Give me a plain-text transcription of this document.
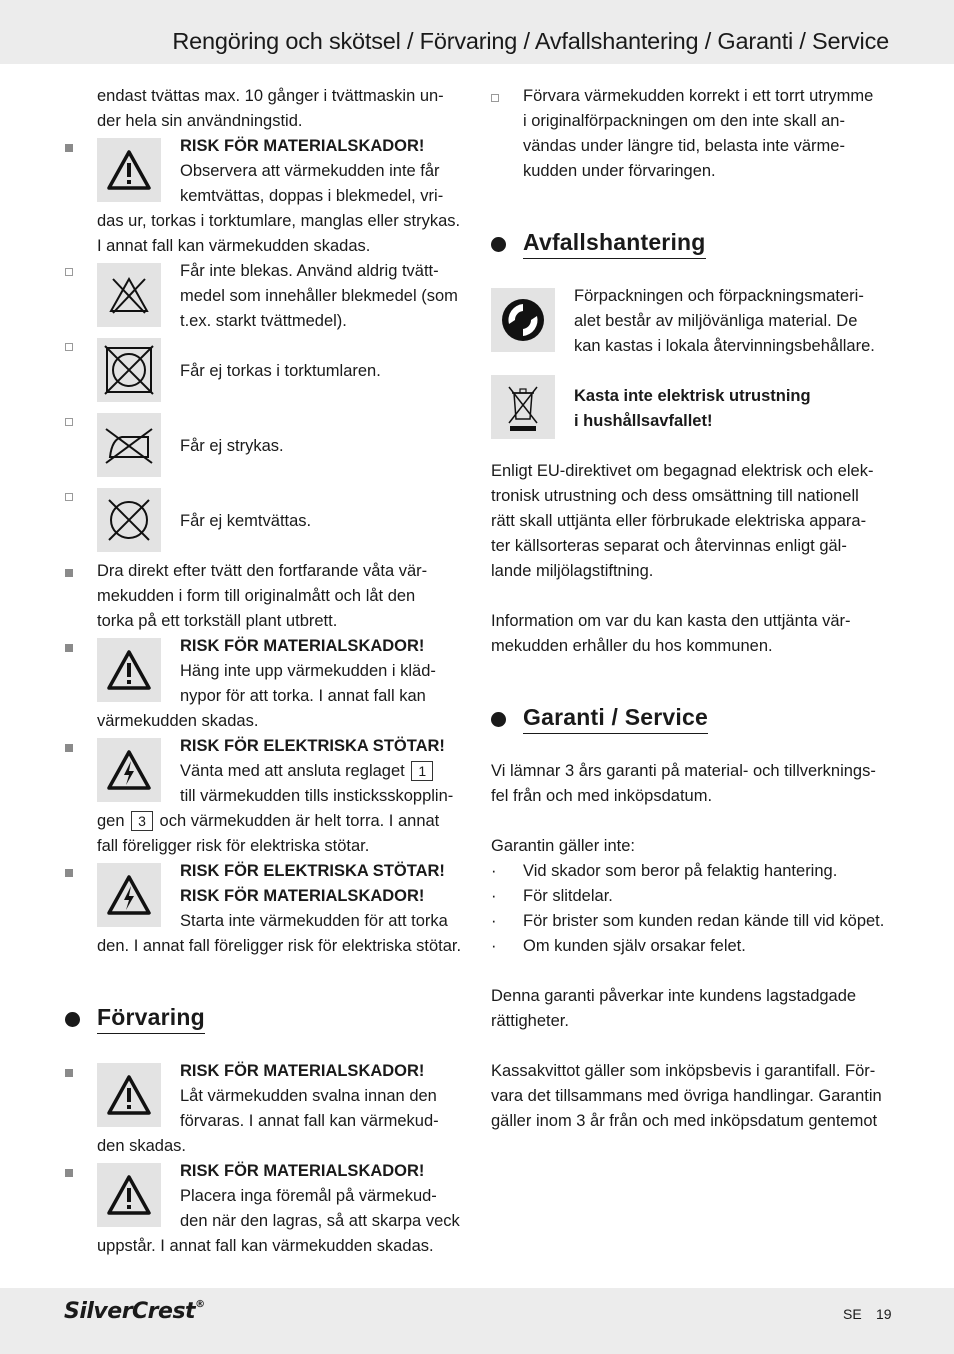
Rengöring och skötsel / Förvaring / Avfallshantering / Garanti / Service
endast tvättas max. 10 gånger i tvättmaskin un-
der hela sin användningstid.
RISK FÖR MATERIALSKADOR!
Observera att värmekudden inte får
kemtvättas, doppas i blekmedel, vri-
das ur, torkas i torktumlare, manglas eller strykas.
I annat fall kan värmekudden skadas.
Får inte blekas. Använd aldrig tvätt-
medel som innehåller blekmedel (som
t.ex. starkt tvättmedel).
Får ej torkas i torktumlaren.
Får ej strykas.
Får ej kemtvättas.
Dra direkt efter tvätt den fortfarande våta vär-
mekudden i form till originalmått och låt den
torka på ett torkställ plant utbrett.
RISK FÖR MATERIALSKADOR!
Häng inte upp värmekudden i kläd-
nypor för att torka. I annat fall kan
värmekudden skadas.
RISK FÖR ELEKTRISKA STÖTAR!
Vänta med att ansluta reglaget 1
till värmekudden tills insticksskopplin-
gen 3 och värmekudden är helt torra. I annat
fall föreligger risk för elektriska stötar.
RISK FÖR ELEKTRISKA STÖTAR!
RISK FÖR MATERIALSKADOR!
Starta inte värmekudden för att torka
den. I annat fall föreligger risk för elektriska stötar.
Förvaring
RISK FÖR MATERIALSKADOR!
Låt värmekudden svalna innan den
förvaras. I annat fall kan värmekud-
den skadas.
RISK FÖR MATERIALSKADOR!
Placera inga föremål på värmekud-
den när den lagras, så att skarpa veck
uppstår. I annat fall kan värmekudden skadas.
Förvara värmekudden korrekt i ett torrt utrymme
i originalförpackningen om den inte skall an-
vändas under längre tid, belasta inte värme-
kudden under förvaringen.
Avfallshantering
Förpackningen och förpackningsmateri-
alet består av miljövänliga material. De
kan kastas i lokala återvinningsbehållare.
Kasta inte elektrisk utrustning
i hushållsavfallet!
Enligt EU-direktivet om begagnad elektrisk och elek-
tronisk utrustning och dess omsättning till nationell
rätt skall uttjänta eller förbrukade elektriska appara-
ter källsorteras separat och återvinnas enligt gäl-
lande miljölagstiftning.
Information om var du kan kasta den uttjänta vär-
mekudden erhåller du hos kommunen.
Garanti / Service
Vi lämnar 3 års garanti på material- och tillverknings-
fel från och med inköpsdatum.
Garantin gäller inte:
· Vid skador som beror på felaktig hantering.
· För slitdelar.
· För brister som kunden redan kände till vid köpet.
· Om kunden själv orsakar felet.
Denna garanti påverkar inte kundens lagstadgade
rättigheter.
Kassakvittot gäller som inköpsbevis i garantifall. För-
vara det tillsammans med övriga handlingar. Garantin
gäller inom 3 år från och med inköpsdatum gentemot
SilverCrest®
SE 19
